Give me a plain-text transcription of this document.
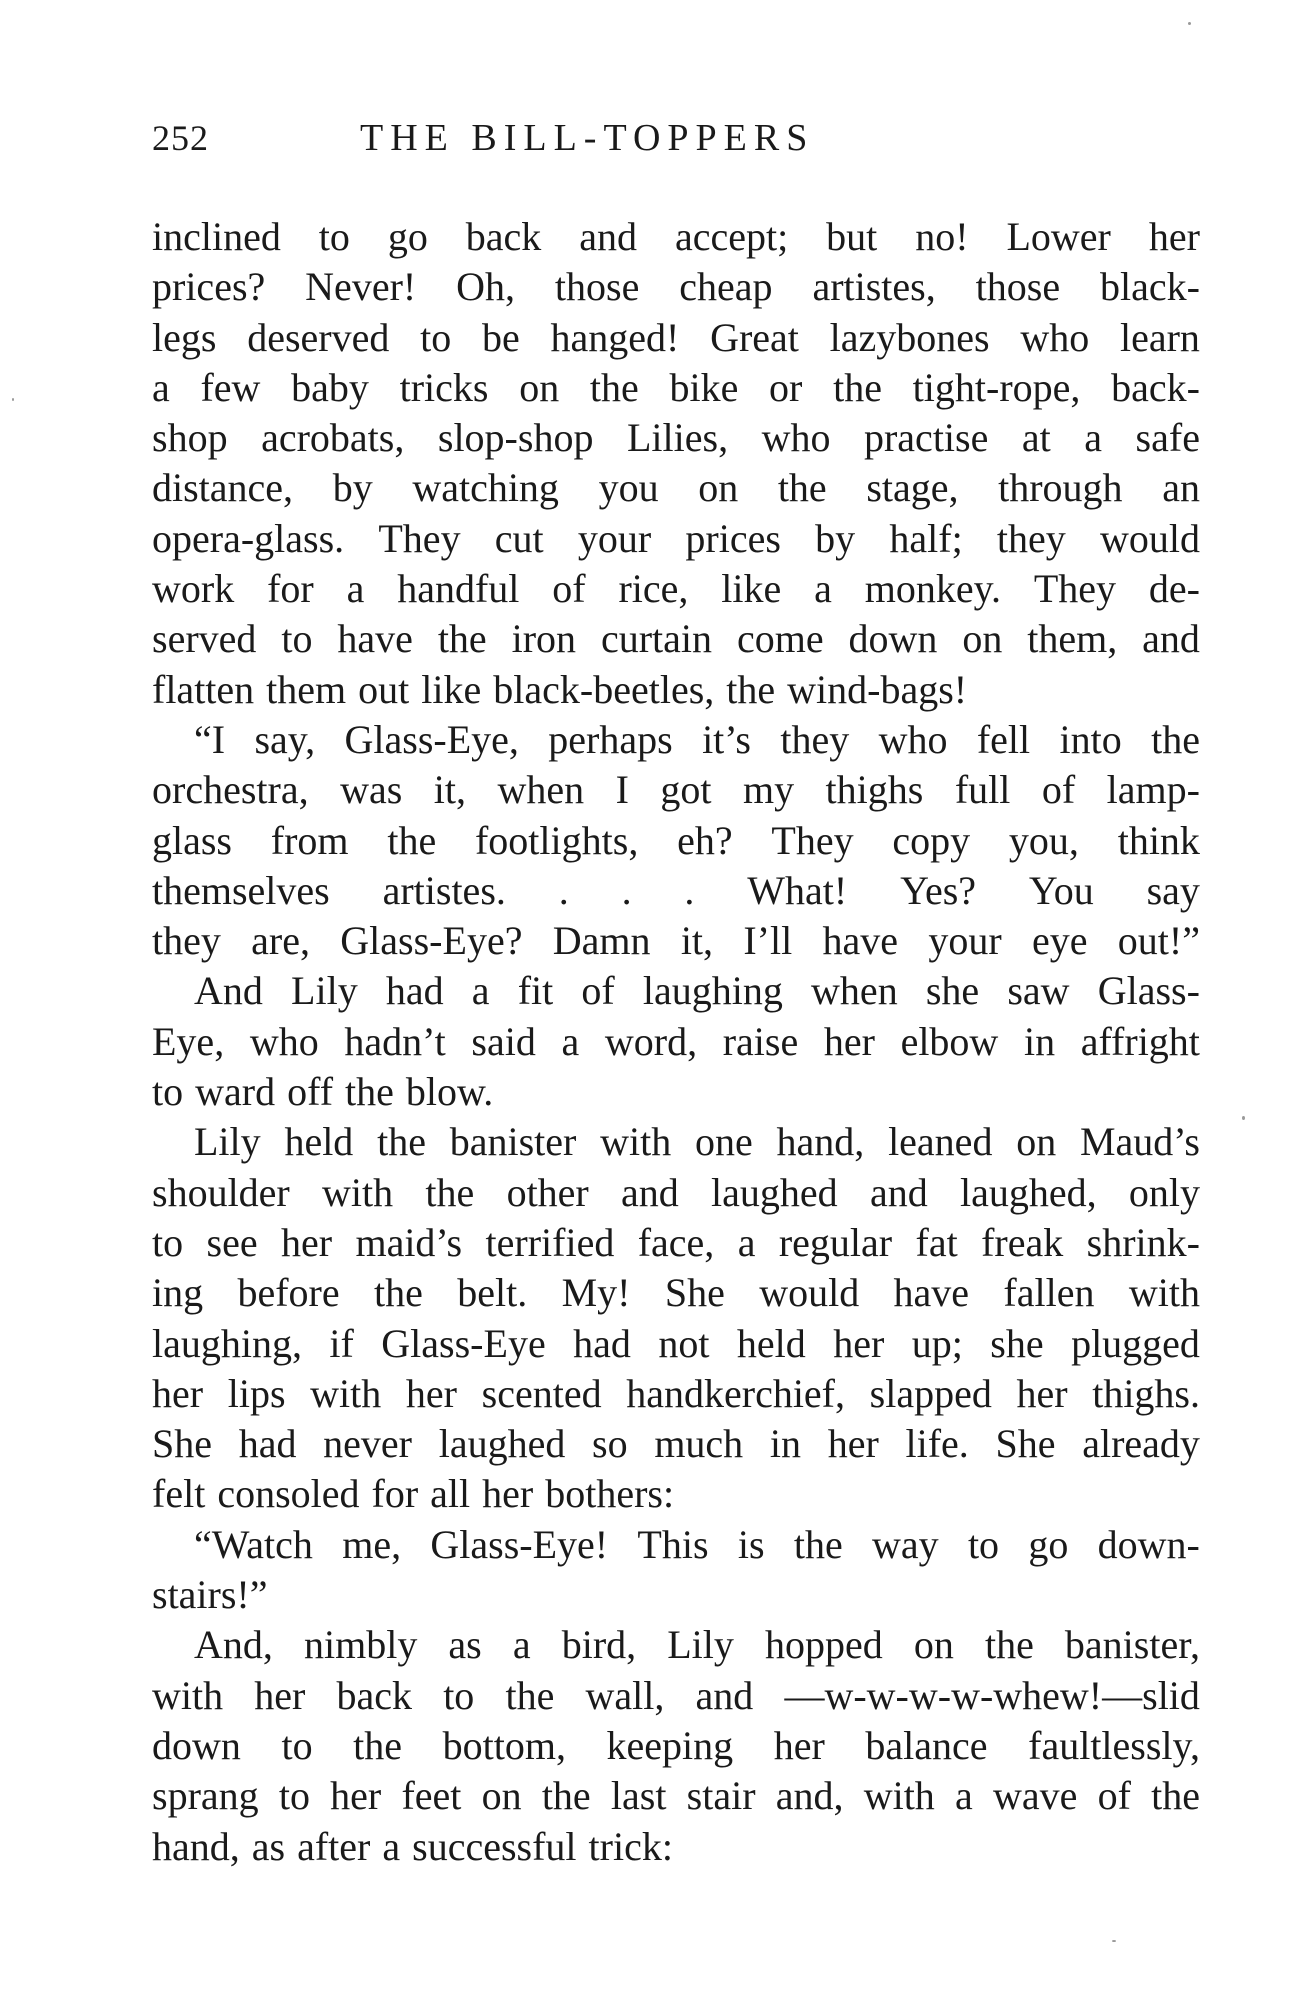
252	THE BILL-TOPPERS
inclined to go back and accept; but no! Lower her
prices? Never! Oh, those cheap artistes, those black-
legs deserved to be hanged! Great lazybones who learn
a few baby tricks on the bike or the tight-rope, back-
shop acrobats, slop-shop Lilies, who practise at a safe
distance, by watching you on the stage, through an
opera-glass. They cut your prices by half; they would
work for a handful of rice, like a monkey. They de-
served to have the iron curtain come down on them, and
flatten them out like black-beetles, the wind-bags!
“I say, Glass-Eye, perhaps it’s they who fell into the
orchestra, was it, when I got my thighs full of lamp-
glass from the footlights, eh? They copy you, think
themselves artistes. . . . What! Yes? You say
they are, Glass-Eye? Damn it, I’ll have your eye out!”
And Lily had a fit of laughing when she saw Glass-
Eye, who hadn’t said a word, raise her elbow in affright
to ward off the blow.
Lily held the banister with one hand, leaned on Maud’s
shoulder with the other and laughed and laughed, only
to see her maid’s terrified face, a regular fat freak shrink-
ing before the belt. My! She would have fallen with
laughing, if Glass-Eye had not held her up; she plugged
her lips with her scented handkerchief, slapped her thighs.
She had never laughed so much in her life. She already
felt consoled for all her bothers:
“Watch me, Glass-Eye! This is the way to go down-
stairs!”
And, nimbly as a bird, Lily hopped on the banister,
with her back to the wall, and —w-w-w-w-whew!—slid
down to the bottom, keeping her balance faultlessly,
sprang to her feet on the last stair and, with a wave of the
hand, as after a successful trick:
